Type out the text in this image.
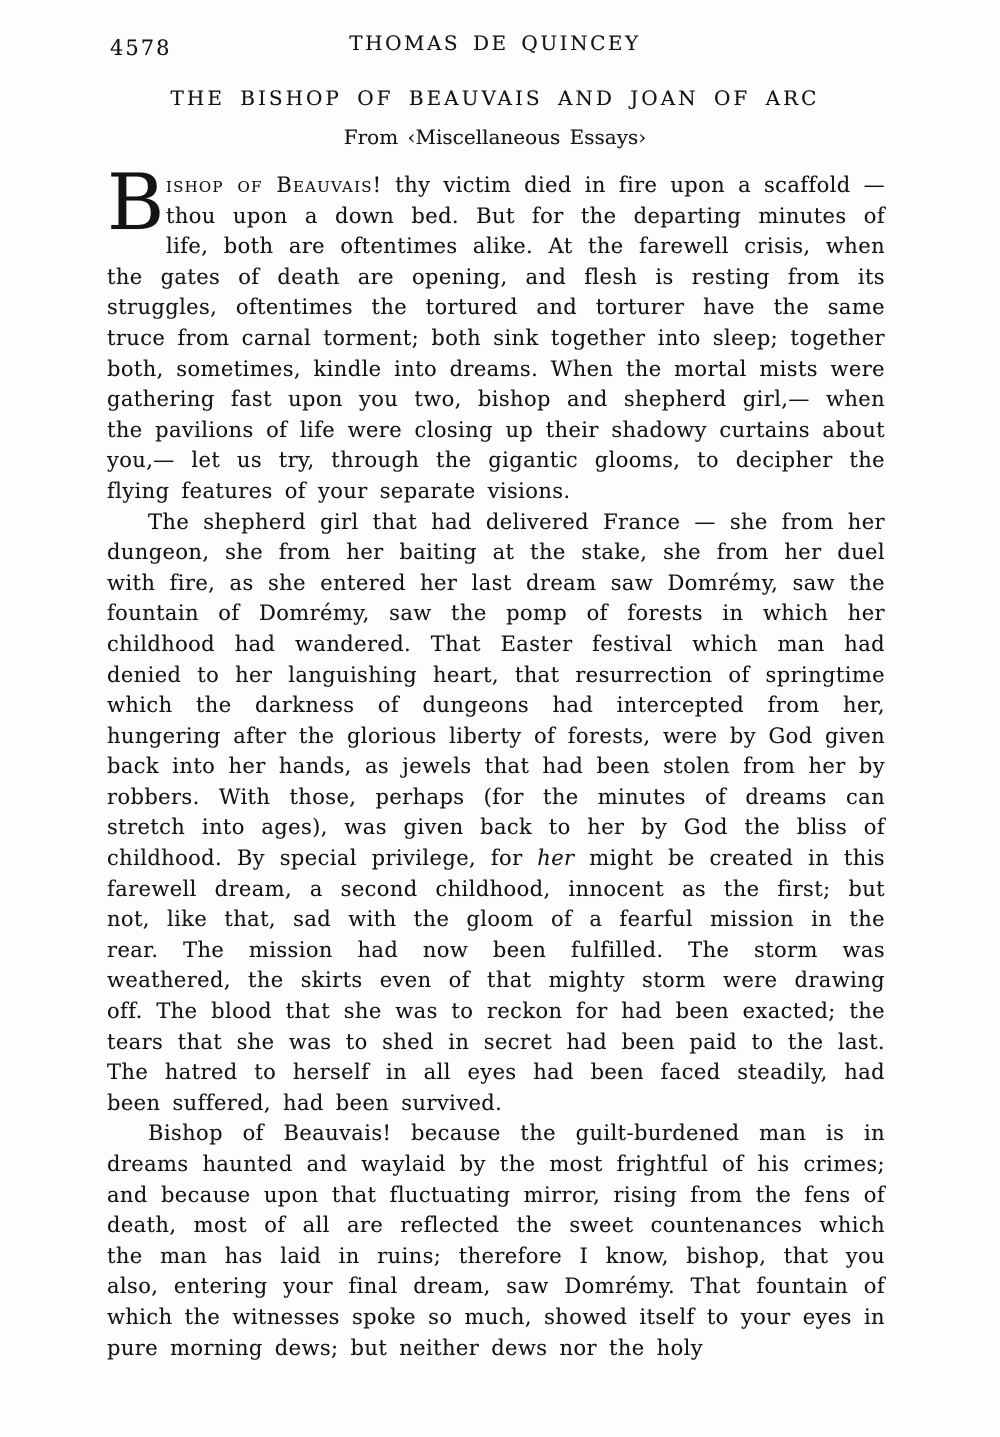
4578	THOMAS DE QUINCEY
THE BISHOP OF BEAUVAIS AND JOAN OF ARC
From ‹Miscellaneous Essays›

Bishop of Beauvais! thy victim died in fire upon a scaffold — thou upon a down bed. But for the departing minutes of life, both are oftentimes alike. At the farewell crisis, when the gates of death are opening, and flesh is resting from its struggles, oftentimes the tortured and torturer have the same truce from carnal torment; both sink together into sleep; together both, sometimes, kindle into dreams. When the mortal mists were gathering fast upon you two, bishop and shepherd girl,— when the pavilions of life were closing up their shadowy curtains about you,— let us try, through the gigantic glooms, to decipher the flying features of your separate visions.

The shepherd girl that had delivered France — she from her dungeon, she from her baiting at the stake, she from her duel with fire, as she entered her last dream saw Domrémy, saw the fountain of Domrémy, saw the pomp of forests in which her childhood had wandered. That Easter festival which man had denied to her languishing heart, that resurrection of springtime which the darkness of dungeons had intercepted from her, hungering after the glorious liberty of forests, were by God given back into her hands, as jewels that had been stolen from her by robbers. With those, perhaps (for the minutes of dreams can stretch into ages), was given back to her by God the bliss of childhood. By special privilege, for her might be created in this farewell dream, a second childhood, innocent as the first; but not, like that, sad with the gloom of a fearful mission in the rear. The mission had now been fulfilled. The storm was weathered, the skirts even of that mighty storm were drawing off. The blood that she was to reckon for had been exacted; the tears that she was to shed in secret had been paid to the last. The hatred to herself in all eyes had been faced steadily, had been suffered, had been survived.

Bishop of Beauvais! because the guilt-burdened man is in dreams haunted and waylaid by the most frightful of his crimes; and because upon that fluctuating mirror, rising from the fens of death, most of all are reflected the sweet countenances which the man has laid in ruins; therefore I know, bishop, that you also, entering your final dream, saw Domrémy. That fountain of which the witnesses spoke so much, showed itself to your eyes in pure morning dews; but neither dews nor the holy
